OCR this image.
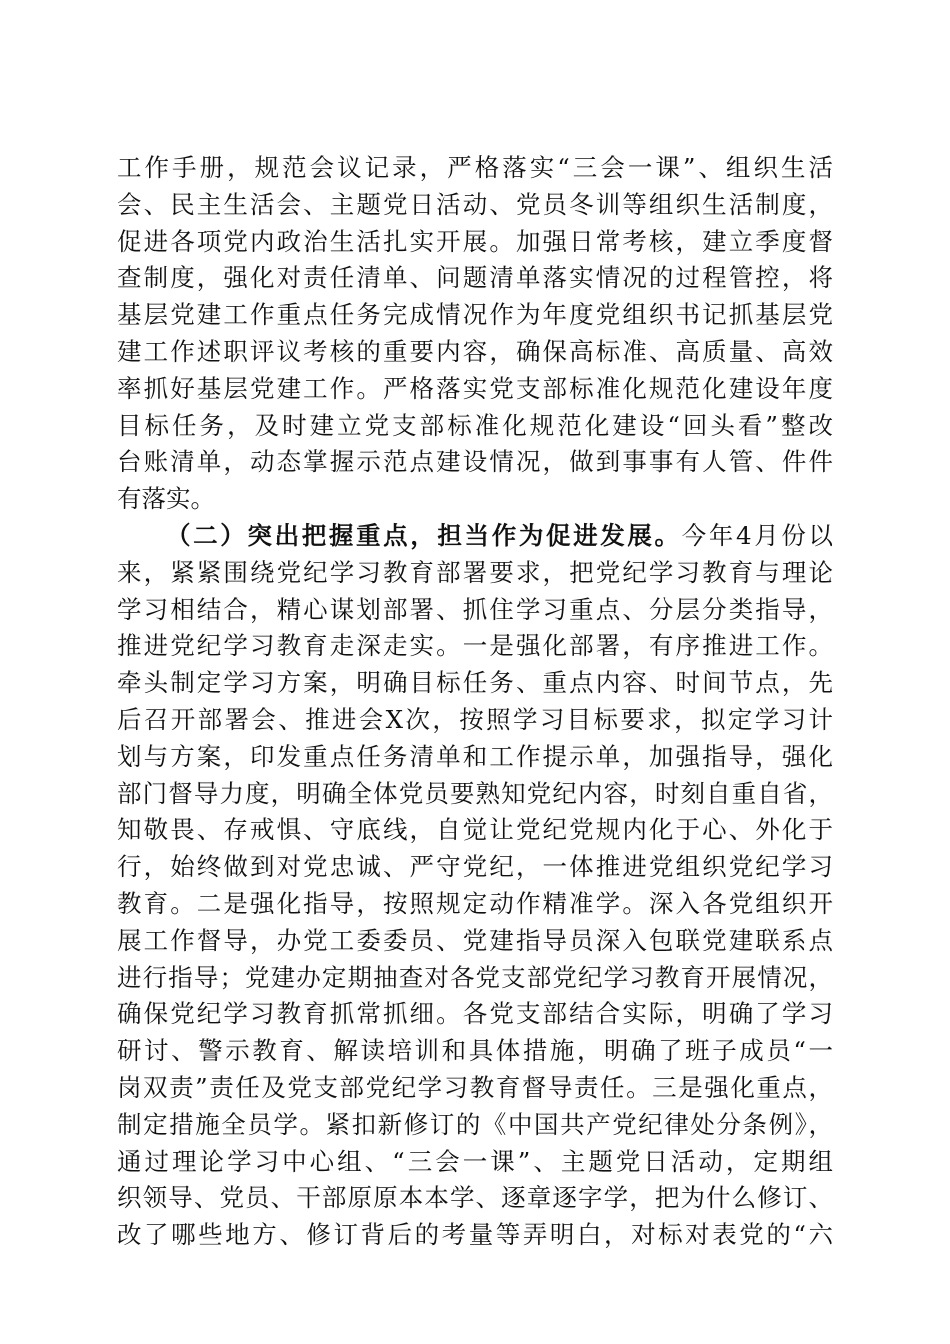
工作手册，规范会议记录，严格落实“三会一课”、组织生活
会、民主生活会、主题党日活动、党员冬训等组织生活制度，
促进各项党内政治生活扎实开展。加强日常考核，建立季度督
查制度，强化对责任清单、问题清单落实情况的过程管控，将
基层党建工作重点任务完成情况作为年度党组织书记抓基层党
建工作述职评议考核的重要内容，确保高标准、高质量、高效
率抓好基层党建工作。严格落实党支部标准化规范化建设年度
目标任务，及时建立党支部标准化规范化建设“回头看”整改
台账清单，动态掌握示范点建设情况，做到事事有人管、件件
有落实。
（二）突出把握重点，担当作为促进发展。今年4月份以
来，紧紧围绕党纪学习教育部署要求，把党纪学习教育与理论
学习相结合，精心谋划部署、抓住学习重点、分层分类指导，
推进党纪学习教育走深走实。一是强化部署，有序推进工作。
牵头制定学习方案，明确目标任务、重点内容、时间节点，先
后召开部署会、推进会X次，按照学习目标要求，拟定学习计
划与方案，印发重点任务清单和工作提示单，加强指导，强化
部门督导力度，明确全体党员要熟知党纪内容，时刻自重自省，
知敬畏、存戒惧、守底线，自觉让党纪党规内化于心、外化于
行，始终做到对党忠诚、严守党纪，一体推进党组织党纪学习
教育。二是强化指导，按照规定动作精准学。深入各党组织开
展工作督导，办党工委委员、党建指导员深入包联党建联系点
进行指导；党建办定期抽查对各党支部党纪学习教育开展情况，
确保党纪学习教育抓常抓细。各党支部结合实际，明确了学习
研讨、警示教育、解读培训和具体措施，明确了班子成员“一
岗双责”责任及党支部党纪学习教育督导责任。三是强化重点，
制定措施全员学。紧扣新修订的《中国共产党纪律处分条例》，
通过理论学习中心组、“三会一课”、主题党日活动，定期组
织领导、党员、干部原原本本学、逐章逐字学，把为什么修订、
改了哪些地方、修订背后的考量等弄明白，对标对表党的“六
